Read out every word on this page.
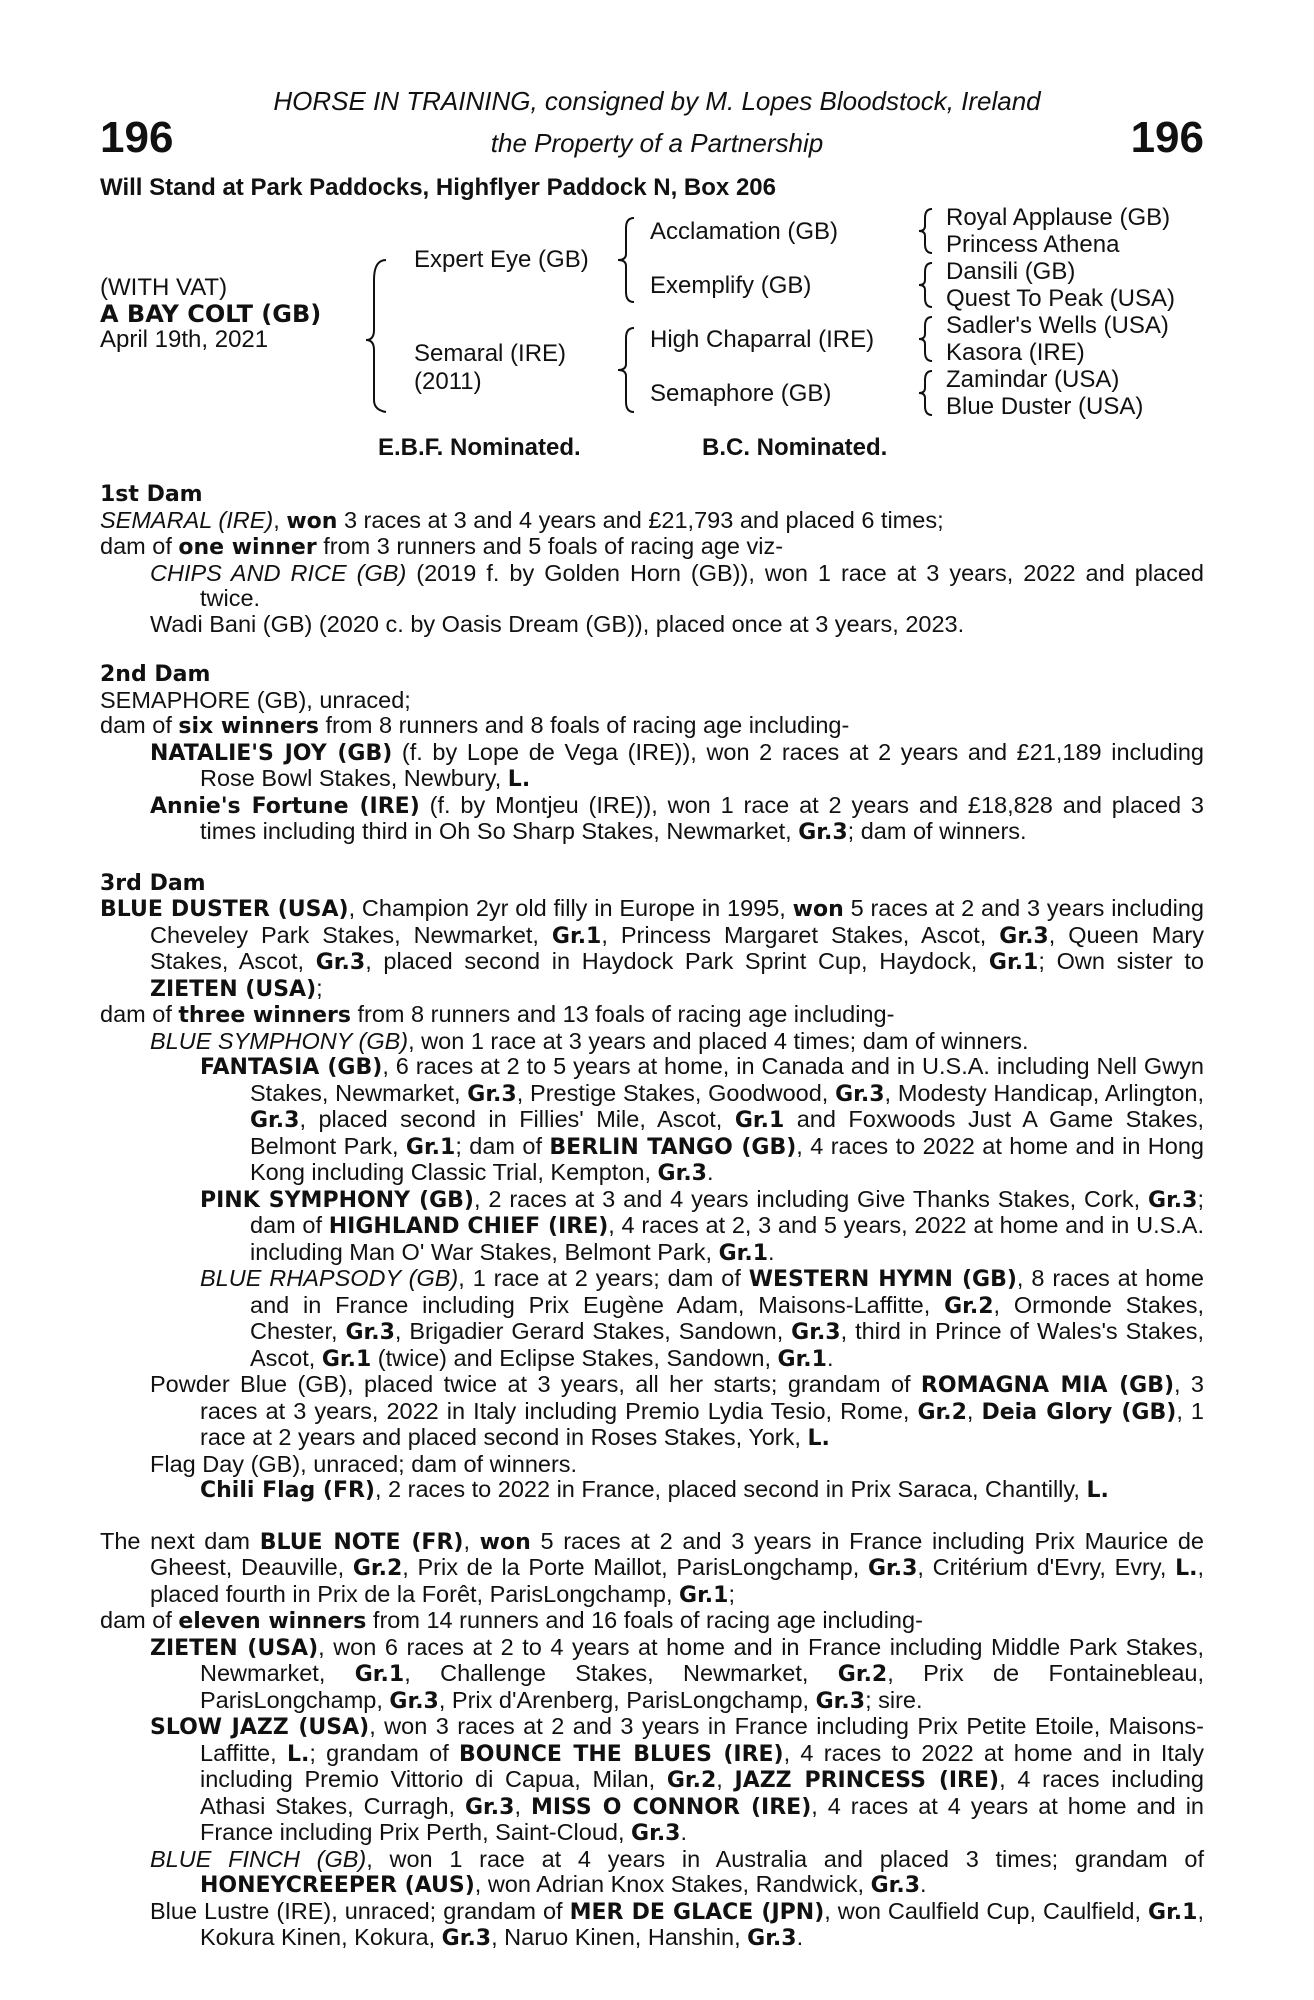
196	196
HORSE IN TRAINING, consigned by M. Lopes Bloodstock, Ireland
the Property of a Partnership
Will Stand at Park Paddocks, Highflyer Paddock N, Box 206
(WITH VAT)
A BAY COLT (GB)
April 19th, 2021
Expert Eye (GB)
Semaral (IRE)
(2011)
Acclamation (GB)
Exemplify (GB)
High Chaparral (IRE)
Semaphore (GB)
Royal Applause (GB)
Princess Athena
Dansili (GB)
Quest To Peak (USA)
Sadler's Wells (USA)
Kasora (IRE)
Zamindar (USA)
Blue Duster (USA)
E.B.F. Nominated.	B.C. Nominated.
1st Dam
SEMARAL (IRE), won 3 races at 3 and 4 years and £21,793 and placed 6 times;
dam of one winner from 3 runners and 5 foals of racing age viz-
CHIPS AND RICE (GB) (2019 f. by Golden Horn (GB)), won 1 race at 3 years, 2022 and placed twice.
Wadi Bani (GB) (2020 c. by Oasis Dream (GB)), placed once at 3 years, 2023.
2nd Dam
SEMAPHORE (GB), unraced;
dam of six winners from 8 runners and 8 foals of racing age including-
NATALIE'S JOY (GB) (f. by Lope de Vega (IRE)), won 2 races at 2 years and £21,189 including Rose Bowl Stakes, Newbury, L.
Annie's Fortune (IRE) (f. by Montjeu (IRE)), won 1 race at 2 years and £18,828 and placed 3 times including third in Oh So Sharp Stakes, Newmarket, Gr.3; dam of winners.
3rd Dam
BLUE DUSTER (USA), Champion 2yr old filly in Europe in 1995, won 5 races at 2 and 3 years including Cheveley Park Stakes, Newmarket, Gr.1, Princess Margaret Stakes, Ascot, Gr.3, Queen Mary Stakes, Ascot, Gr.3, placed second in Haydock Park Sprint Cup, Haydock, Gr.1; Own sister to ZIETEN (USA);
dam of three winners from 8 runners and 13 foals of racing age including-
BLUE SYMPHONY (GB), won 1 race at 3 years and placed 4 times; dam of winners.
FANTASIA (GB), 6 races at 2 to 5 years at home, in Canada and in U.S.A. including Nell Gwyn Stakes, Newmarket, Gr.3, Prestige Stakes, Goodwood, Gr.3, Modesty Handicap, Arlington, Gr.3, placed second in Fillies' Mile, Ascot, Gr.1 and Foxwoods Just A Game Stakes, Belmont Park, Gr.1; dam of BERLIN TANGO (GB), 4 races to 2022 at home and in Hong Kong including Classic Trial, Kempton, Gr.3.
PINK SYMPHONY (GB), 2 races at 3 and 4 years including Give Thanks Stakes, Cork, Gr.3; dam of HIGHLAND CHIEF (IRE), 4 races at 2, 3 and 5 years, 2022 at home and in U.S.A. including Man O' War Stakes, Belmont Park, Gr.1.
BLUE RHAPSODY (GB), 1 race at 2 years; dam of WESTERN HYMN (GB), 8 races at home and in France including Prix Eugène Adam, Maisons-Laffitte, Gr.2, Ormonde Stakes, Chester, Gr.3, Brigadier Gerard Stakes, Sandown, Gr.3, third in Prince of Wales's Stakes, Ascot, Gr.1 (twice) and Eclipse Stakes, Sandown, Gr.1.
Powder Blue (GB), placed twice at 3 years, all her starts; grandam of ROMAGNA MIA (GB), 3 races at 3 years, 2022 in Italy including Premio Lydia Tesio, Rome, Gr.2, Deia Glory (GB), 1 race at 2 years and placed second in Roses Stakes, York, L.
Flag Day (GB), unraced; dam of winners.
Chili Flag (FR), 2 races to 2022 in France, placed second in Prix Saraca, Chantilly, L.
The next dam BLUE NOTE (FR), won 5 races at 2 and 3 years in France including Prix Maurice de Gheest, Deauville, Gr.2, Prix de la Porte Maillot, ParisLongchamp, Gr.3, Critérium d'Evry, Evry, L., placed fourth in Prix de la Forêt, ParisLongchamp, Gr.1;
dam of eleven winners from 14 runners and 16 foals of racing age including-
ZIETEN (USA), won 6 races at 2 to 4 years at home and in France including Middle Park Stakes, Newmarket, Gr.1, Challenge Stakes, Newmarket, Gr.2, Prix de Fontainebleau, ParisLongchamp, Gr.3, Prix d'Arenberg, ParisLongchamp, Gr.3; sire.
SLOW JAZZ (USA), won 3 races at 2 and 3 years in France including Prix Petite Etoile, Maisons-Laffitte, L.; grandam of BOUNCE THE BLUES (IRE), 4 races to 2022 at home and in Italy including Premio Vittorio di Capua, Milan, Gr.2, JAZZ PRINCESS (IRE), 4 races including Athasi Stakes, Curragh, Gr.3, MISS O CONNOR (IRE), 4 races at 4 years at home and in France including Prix Perth, Saint-Cloud, Gr.3.
BLUE FINCH (GB), won 1 race at 4 years in Australia and placed 3 times; grandam of HONEYCREEPER (AUS), won Adrian Knox Stakes, Randwick, Gr.3.
Blue Lustre (IRE), unraced; grandam of MER DE GLACE (JPN), won Caulfield Cup, Caulfield, Gr.1, Kokura Kinen, Kokura, Gr.3, Naruo Kinen, Hanshin, Gr.3.
